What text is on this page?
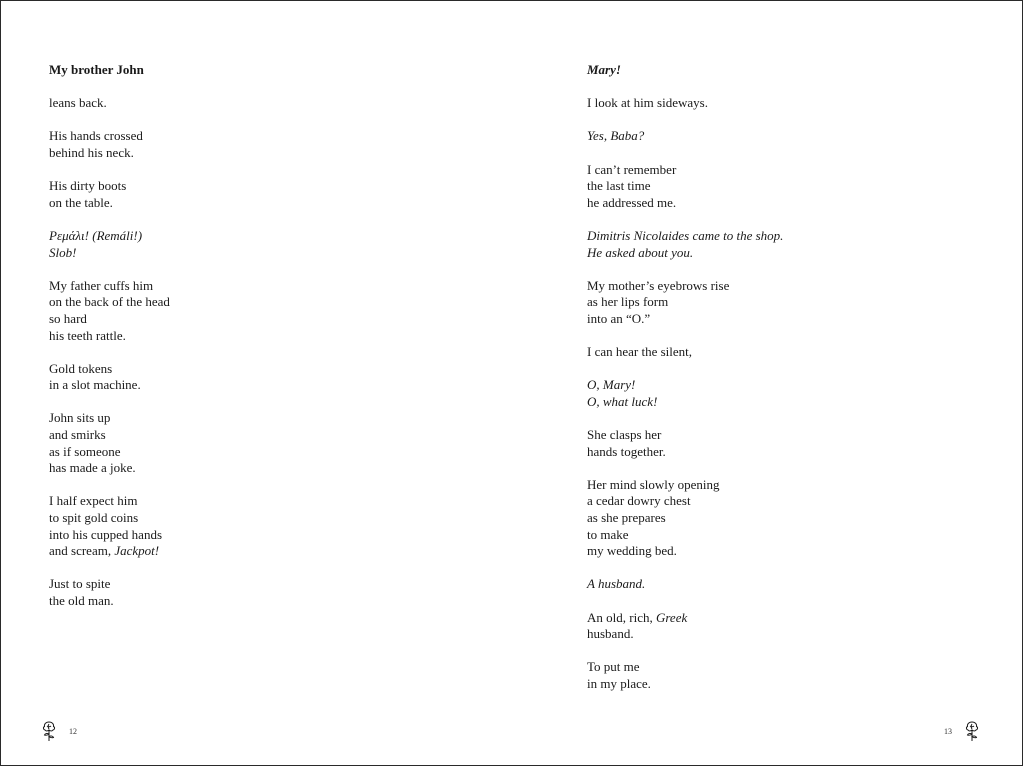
My brother John
leans back.
His hands crossed
behind his neck.
His dirty boots
on the table.
Ρεμάλι! (Remáli!)
Slob!
My father cuffs him
on the back of the head
so hard
his teeth rattle.
Gold tokens
in a slot machine.
John sits up
and smirks
as if someone
has made a joke.
I half expect him
to spit gold coins
into his cupped hands
and scream, Jackpot!
Just to spite
the old man.
12
Mary!
I look at him sideways.
Yes, Baba?
I can’t remember
the last time
he addressed me.
Dimitris Nicolaides came to the shop.
He asked about you.
My mother’s eyebrows rise
as her lips form
into an “O.”
I can hear the silent,
O, Mary!
O, what luck!
She clasps her
hands together.
Her mind slowly opening
a cedar dowry chest
as she prepares
to make
my wedding bed.
A husband.
An old, rich, Greek
husband.
To put me
in my place.
13
